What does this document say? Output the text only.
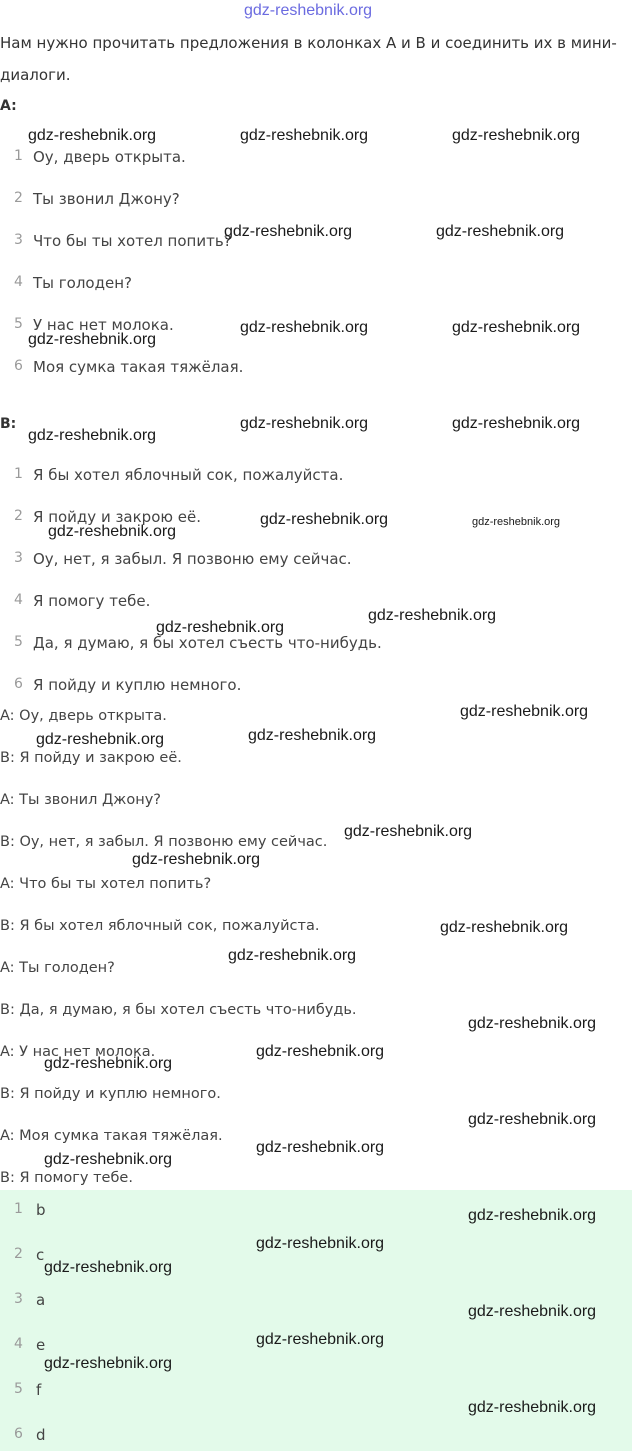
gdz-reshebnik.org
Нам нужно прочитать предложения в колонках A и B и соединить их в мини-
диалоги.
A:
1 Оу, дверь открыта.
2 Ты звонил Джону?
3 Что бы ты хотел попить?
4 Ты голоден?
5 У нас нет молока.
6 Моя сумка такая тяжёлая.
B:
1 Я бы хотел яблочный сок, пожалуйста.
2 Я пойду и закрою её.
3 Оу, нет, я забыл. Я позвоню ему сейчас.
4 Я помогу тебе.
5 Да, я думаю, я бы хотел съесть что-нибудь.
6 Я пойду и куплю немного.
A: Оу, дверь открыта.
B: Я пойду и закрою её.
A: Ты звонил Джону?
B: Оу, нет, я забыл. Я позвоню ему сейчас.
A: Что бы ты хотел попить?
B: Я бы хотел яблочный сок, пожалуйста.
A: Ты голоден?
B: Да, я думаю, я бы хотел съесть что-нибудь.
A: У нас нет молока.
B: Я пойду и куплю немного.
A: Моя сумка такая тяжёлая.
B: Я помогу тебе.
1 b
2 c
3 a
4 e
5 f
6 d
gdz-reshebnik.org	gdz-reshebnik.org	gdz-reshebnik.org
gdz-reshebnik.org	gdz-reshebnik.org
gdz-reshebnik.org	gdz-reshebnik.org
gdz-reshebnik.org
gdz-reshebnik.org	gdz-reshebnik.org
gdz-reshebnik.org
gdz-reshebnik.org	gdz-reshebnik.org
gdz-reshebnik.org
gdz-reshebnik.org
gdz-reshebnik.org
gdz-reshebnik.org
gdz-reshebnik.org
gdz-reshebnik.org
gdz-reshebnik.org
gdz-reshebnik.org
gdz-reshebnik.org
gdz-reshebnik.org
gdz-reshebnik.org
gdz-reshebnik.org
gdz-reshebnik.org
gdz-reshebnik.org
gdz-reshebnik.org
gdz-reshebnik.org
gdz-reshebnik.org
gdz-reshebnik.org
gdz-reshebnik.org
gdz-reshebnik.org
gdz-reshebnik.org
gdz-reshebnik.org
gdz-reshebnik.org
